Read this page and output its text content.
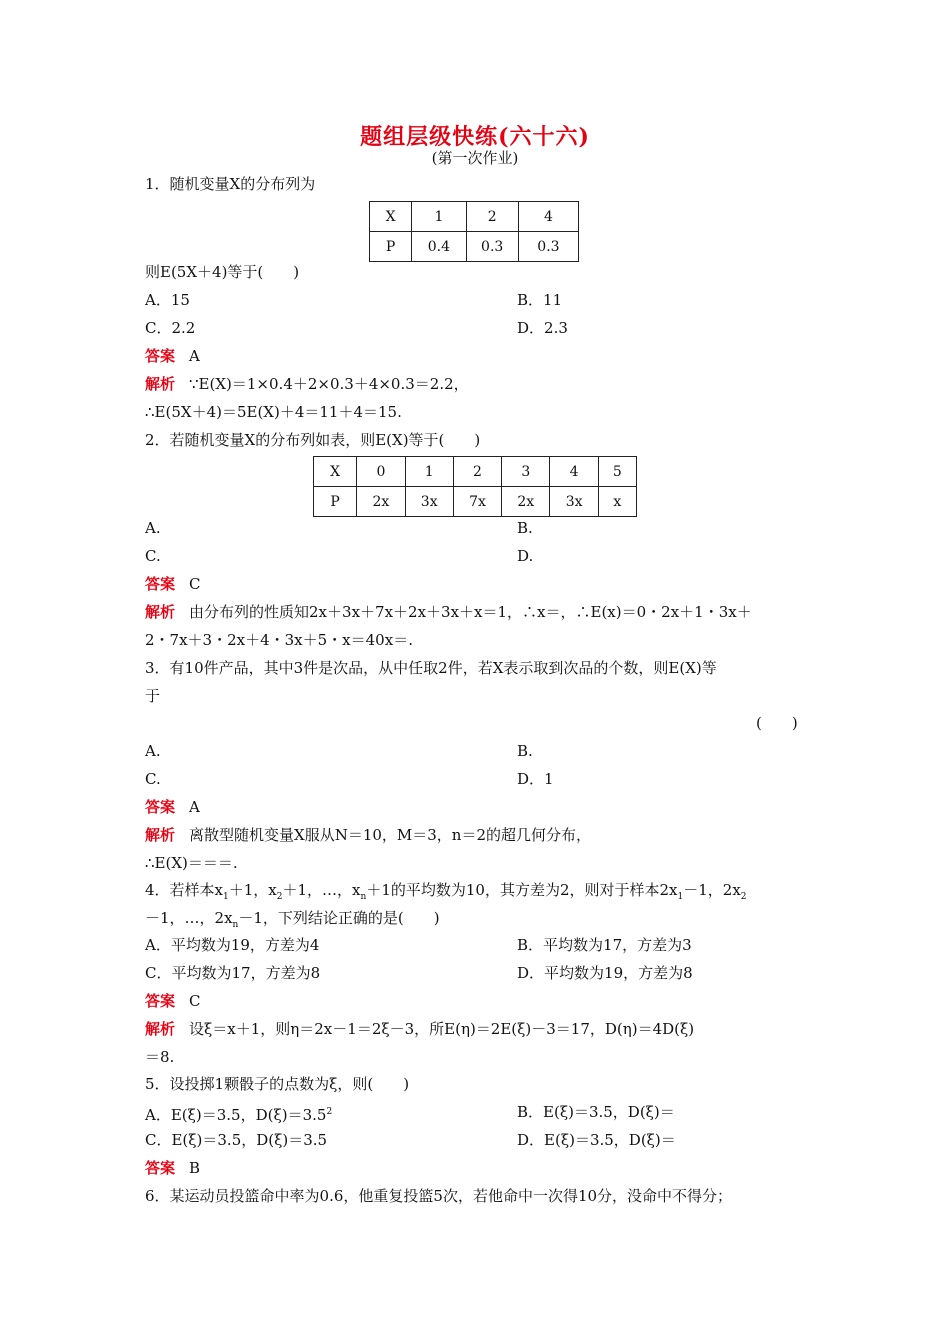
题组层级快练(六十六)
(第一次作业)
1．随机变量X的分布列为
X	1	2	4
P	0.4	0.3	0.3
则E(5X＋4)等于(　　)
A．15	B．11
C．2.2	D．2.3
答案 A
解析 ∵E(X)＝1×0.4＋2×0.3＋4×0.3＝2.2，
∴E(5X＋4)＝5E(X)＋4＝11＋4＝15.
2．若随机变量X的分布列如表，则E(X)等于(　　)
X	0	1	2	3	4	5
P	2x	3x	7x	2x	3x	x
A.	B.
C.	D.
答案 C
解析 由分布列的性质知2x＋3x＋7x＋2x＋3x＋x＝1，∴x＝，∴E(x)＝0・2x＋1・3x＋
2・7x＋3・2x＋4・3x＋5・x＝40x＝.
3．有10件产品，其中3件是次品，从中任取2件，若X表示取到次品的个数，则E(X)等
于
(　　)
A.	B.
C.	D．1
答案 A
解析 离散型随机变量X服从N＝10，M＝3，n＝2的超几何分布，
∴E(X)＝＝＝.
4．若样本$x_1+1$，$x_2+1$，…，$x_n+1$的平均数为10，其方差为2，则对于样本$2x_1-1$，$2x_2$
－1，…，$2x_n-1$，下列结论正确的是(　　)
A．平均数为19，方差为4	B．平均数为17，方差为3
C．平均数为17，方差为8	D．平均数为19，方差为8
答案 C
解析 设ξ＝x＋1，则η＝2x－1＝2ξ－3，所E(η)＝2E(ξ)－3＝17，D(η)＝4D(ξ)
＝8.
5．设投掷1颗骰子的点数为ξ，则(　　)
A．E(ξ)＝3.5，$D(\xi)=3.5^2$	B．E(ξ)＝3.5，D(ξ)＝
C．E(ξ)＝3.5，D(ξ)＝3.5	D．E(ξ)＝3.5，D(ξ)＝
答案 B
6．某运动员投篮命中率为0.6，他重复投篮5次，若他命中一次得10分，没命中不得分；
